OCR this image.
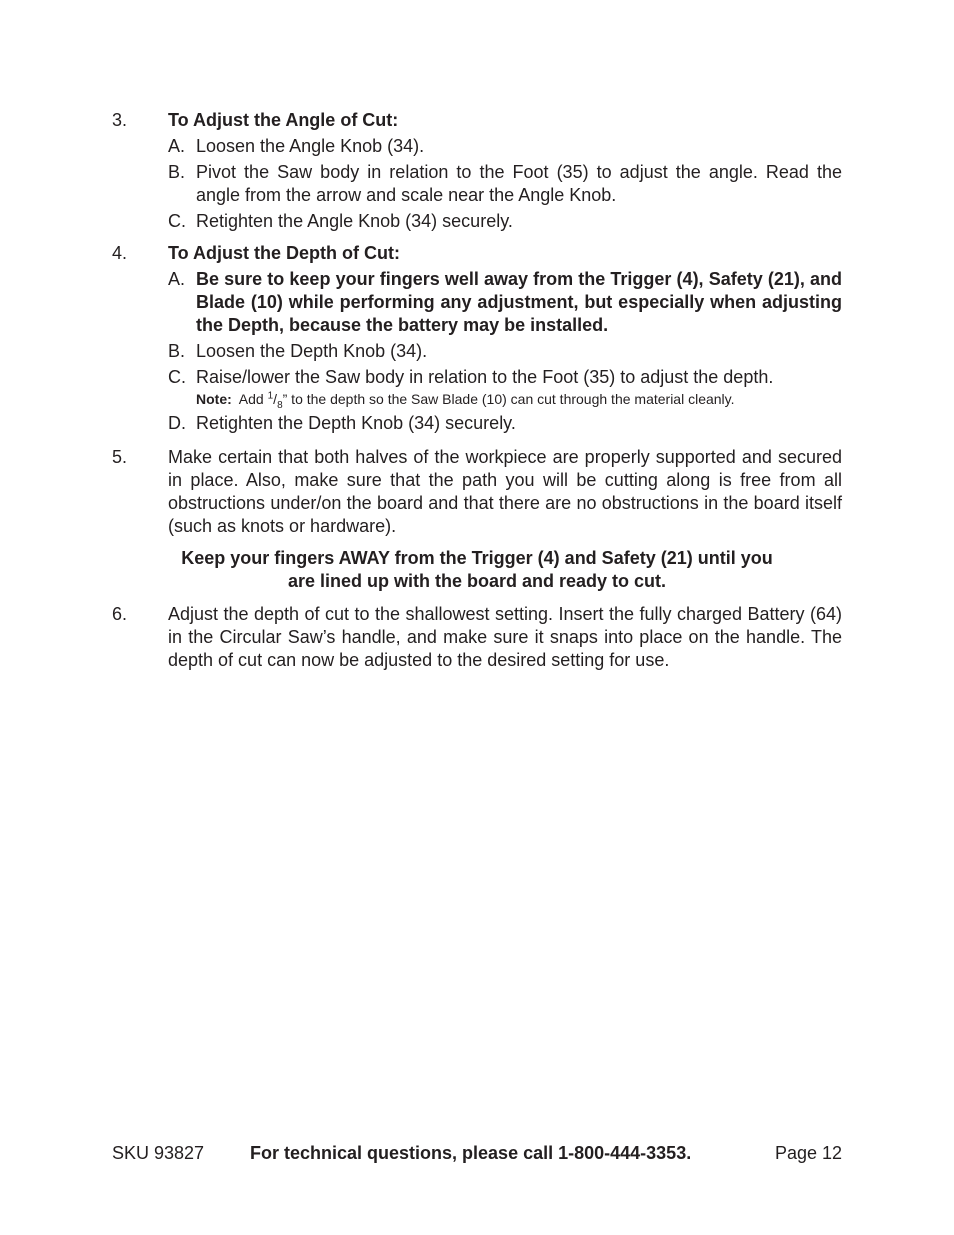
3.	To Adjust the Angle of Cut:
A. Loosen the Angle Knob (34).
B. Pivot the Saw body in relation to the Foot (35) to adjust the angle. Read the angle from the arrow and scale near the Angle Knob.
C. Retighten the Angle Knob (34) securely.
4.	To Adjust the Depth of Cut:
A. Be sure to keep your fingers well away from the Trigger (4), Safety (21), and Blade (10) while performing any adjustment, but especially when adjusting the Depth, because the battery may be installed.
B. Loosen the Depth Knob (34).
C. Raise/lower the Saw body in relation to the Foot (35) to adjust the depth.
Note: Add $^1/_8$” to the depth so the Saw Blade (10) can cut through the material cleanly.
D. Retighten the Depth Knob (34) securely.
5.	Make certain that both halves of the workpiece are properly supported and secured in place. Also, make sure that the path you will be cutting along is free from all obstructions under/on the board and that there are no obstructions in the board itself (such as knots or hardware).
Keep your fingers AWAY from the Trigger (4) and Safety (21) until you
are lined up with the board and ready to cut.
6.	Adjust the depth of cut to the shallowest setting. Insert the fully charged Battery (64) in the Circular Saw’s handle, and make sure it snaps into place on the handle. The depth of cut can now be adjusted to the desired setting for use.
SKU 93827	For technical questions, please call 1-800-444-3353.	Page 12
